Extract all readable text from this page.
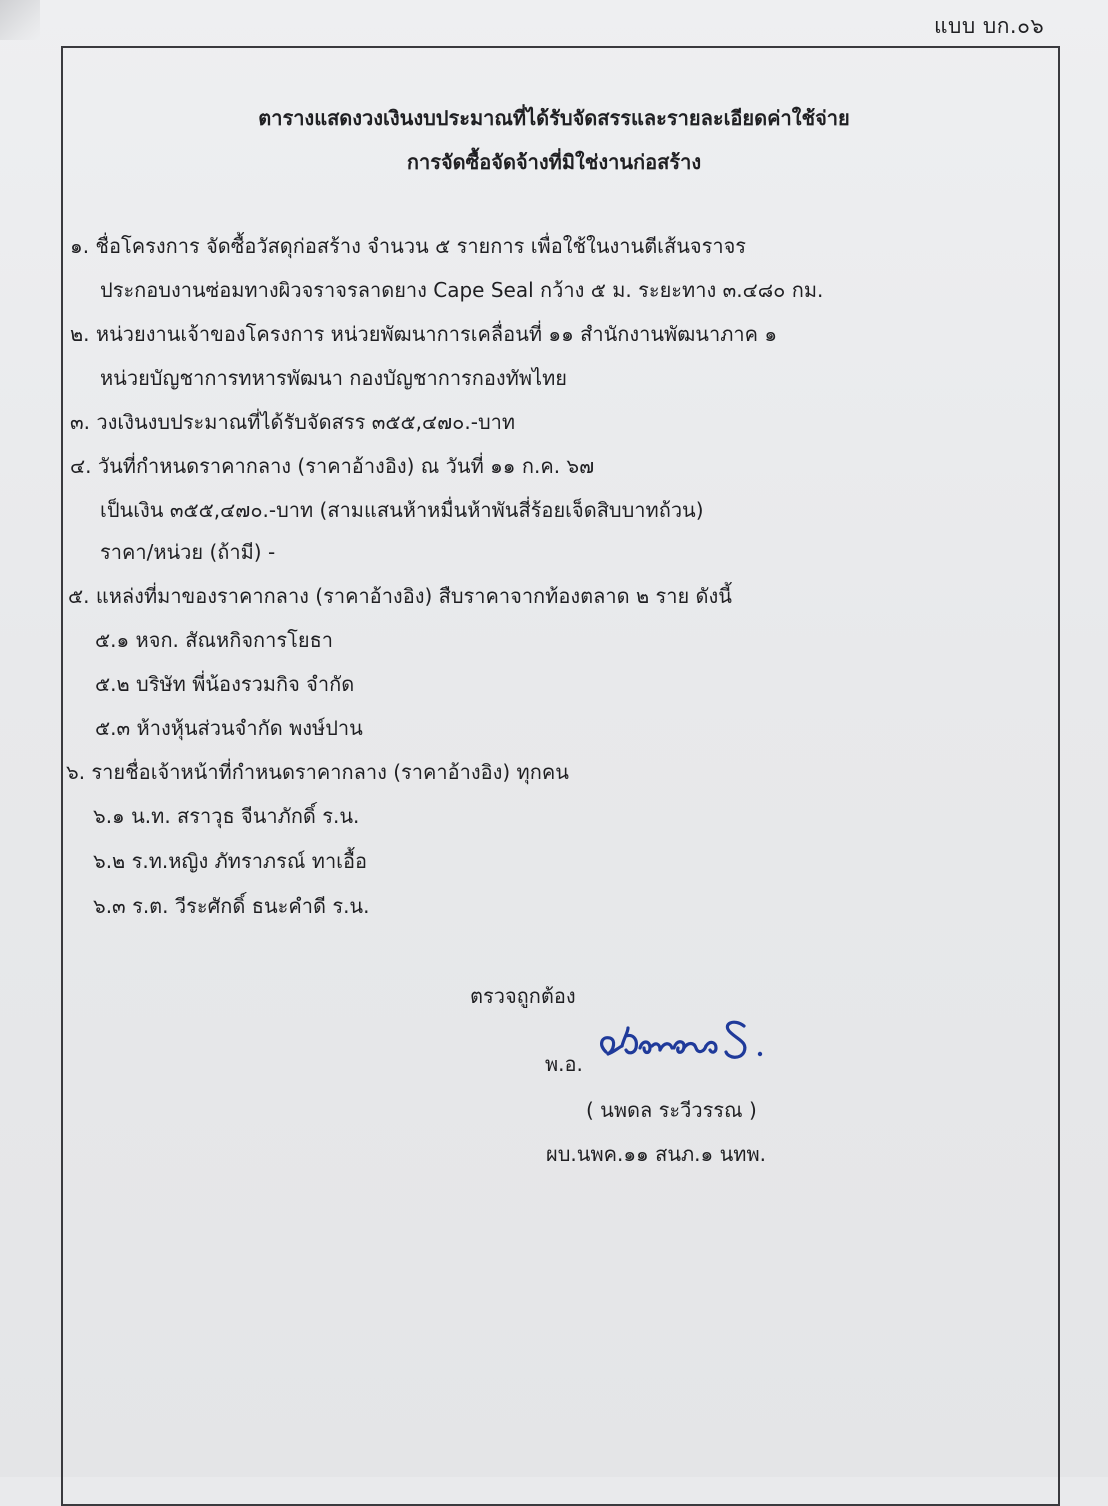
แบบ บก.๐๖
ตารางแสดงวงเงินงบประมาณที่ได้รับจัดสรรและรายละเอียดค่าใช้จ่าย
การจัดซื้อจัดจ้างที่มิใช่งานก่อสร้าง
๑. ชื่อโครงการ จัดซื้อวัสดุก่อสร้าง จำนวน ๕ รายการ เพื่อใช้ในงานตีเส้นจราจร
ประกอบงานซ่อมทางผิวจราจรลาดยาง Cape Seal กว้าง ๕ ม. ระยะทาง ๓.๔๘๐ กม.
๒. หน่วยงานเจ้าของโครงการ หน่วยพัฒนาการเคลื่อนที่ ๑๑ สำนักงานพัฒนาภาค ๑
หน่วยบัญชาการทหารพัฒนา กองบัญชาการกองทัพไทย
๓. วงเงินงบประมาณที่ได้รับจัดสรร ๓๕๕,๔๗๐.-บาท
๔. วันที่กำหนดราคากลาง (ราคาอ้างอิง) ณ วันที่ ๑๑ ก.ค. ๖๗
เป็นเงิน ๓๕๕,๔๗๐.-บาท (สามแสนห้าหมื่นห้าพันสี่ร้อยเจ็ดสิบบาทถ้วน)
ราคา/หน่วย (ถ้ามี) -
๕. แหล่งที่มาของราคากลาง (ราคาอ้างอิง) สืบราคาจากท้องตลาด ๒ ราย ดังนี้
๕.๑ หจก. สัณหกิจการโยธา
๕.๒ บริษัท พี่น้องรวมกิจ จำกัด
๕.๓ ห้างหุ้นส่วนจำกัด พงษ์ปาน
๖. รายชื่อเจ้าหน้าที่กำหนดราคากลาง (ราคาอ้างอิง) ทุกคน
๖.๑ น.ท. สราวุธ จีนาภักดิ์ ร.น.
๖.๒ ร.ท.หญิง ภัทราภรณ์ ทาเอื้อ
๖.๓ ร.ต. วีระศักดิ์ ธนะคำดี ร.น.
ตรวจถูกต้อง
พ.อ.
( นพดล ระวีวรรณ )
ผบ.นพค.๑๑ สนภ.๑ นทพ.
